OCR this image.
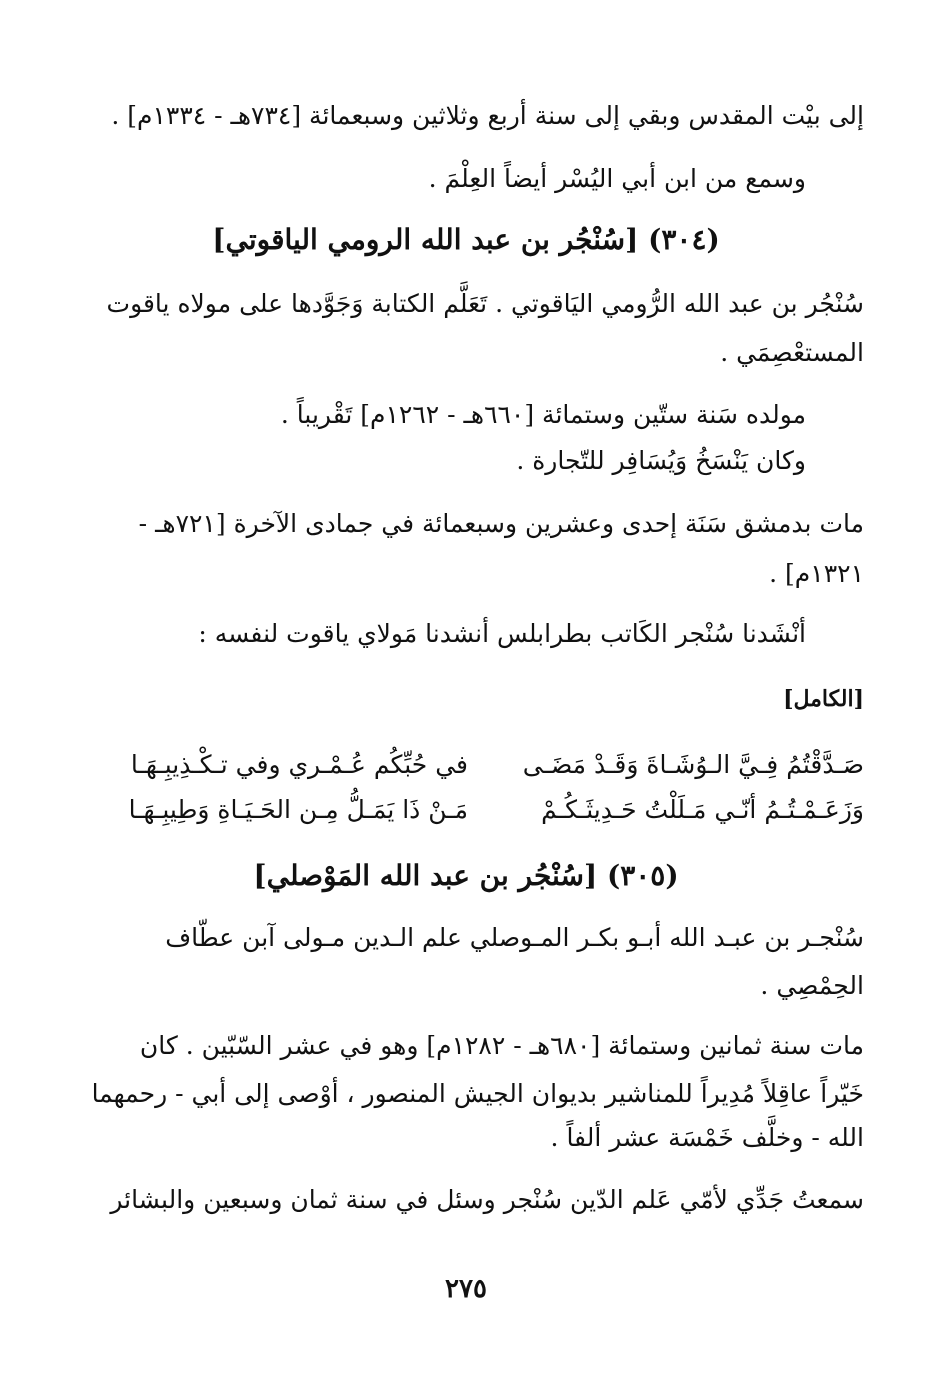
إلى بيْت المقدس وبقي إلى سنة أربع وثلاثين وسبعمائة [٧٣٤هـ - ١٣٣٤م] .
وسمع من ابن أبي اليُسْر أيضاً العِلْمَ .
(٣٠٤) [سُنْجُر بن عبد الله الرومي الياقوتي]
سُنْجُر بن عبد الله الرُّومي اليَاقوتي . تَعَلَّم الكتابة وَجَوَّدها على مولاه ياقوت
المستعْصِمَي .
مولده سَنة ستّين وستمائة [٦٦٠هـ - ١٢٦٢م] تَقْريباً .
وكان يَنْسَخُ وَيُسَافِر للتّجارة .
مات بدمشق سَنَة إحدى وعشرين وسبعمائة في جمادى الآخرة [٧٢١هـ -
١٣٢١م] .
أنْشَدنا سُنْجر الكَاتب بطرابلس أنشدنا مَولاي ياقوت لنفسه :
[الكامل]
صَـدَّقْتُمُ فِـيَّ الـوُشَـاةَ وَقَـدْ مَضَـى
في حُبِّكُم عُـمْـري وفي تـكْـذِيبِـهَـا
وَزَعَـمْـتُـمُ أنّـي مَـلَلْتُ حَـدِيثَـكُـمْ
مَـنْ ذَا يَمَـلُّ مِـن الحَـيَـاةِ وَطِيبِـهَـا
(٣٠٥) [سُنْجُر بن عبد الله المَوْصلي]
سُنْجـر بن عبـد الله أبـو بكـر المـوصلي علم الـدين مـولى آبن عطّاف
الحِمْصِي .
مات سنة ثمانين وستمائة [٦٨٠هـ - ١٢٨٢م] وهو في عشر السّبّين . كان
خَيّراً عاقِلاً مُدِيراً للمناشير بديوان الجيش المنصور ، أوْصى إلى أبي - رحمهما
الله - وخلَّف خَمْسَة عشر ألفاً .
سمعتُ جَدِّي لأمّي عَلم الدّين سُنْجر وسئل في سنة ثمان وسبعين والبشائر
٢٧٥
